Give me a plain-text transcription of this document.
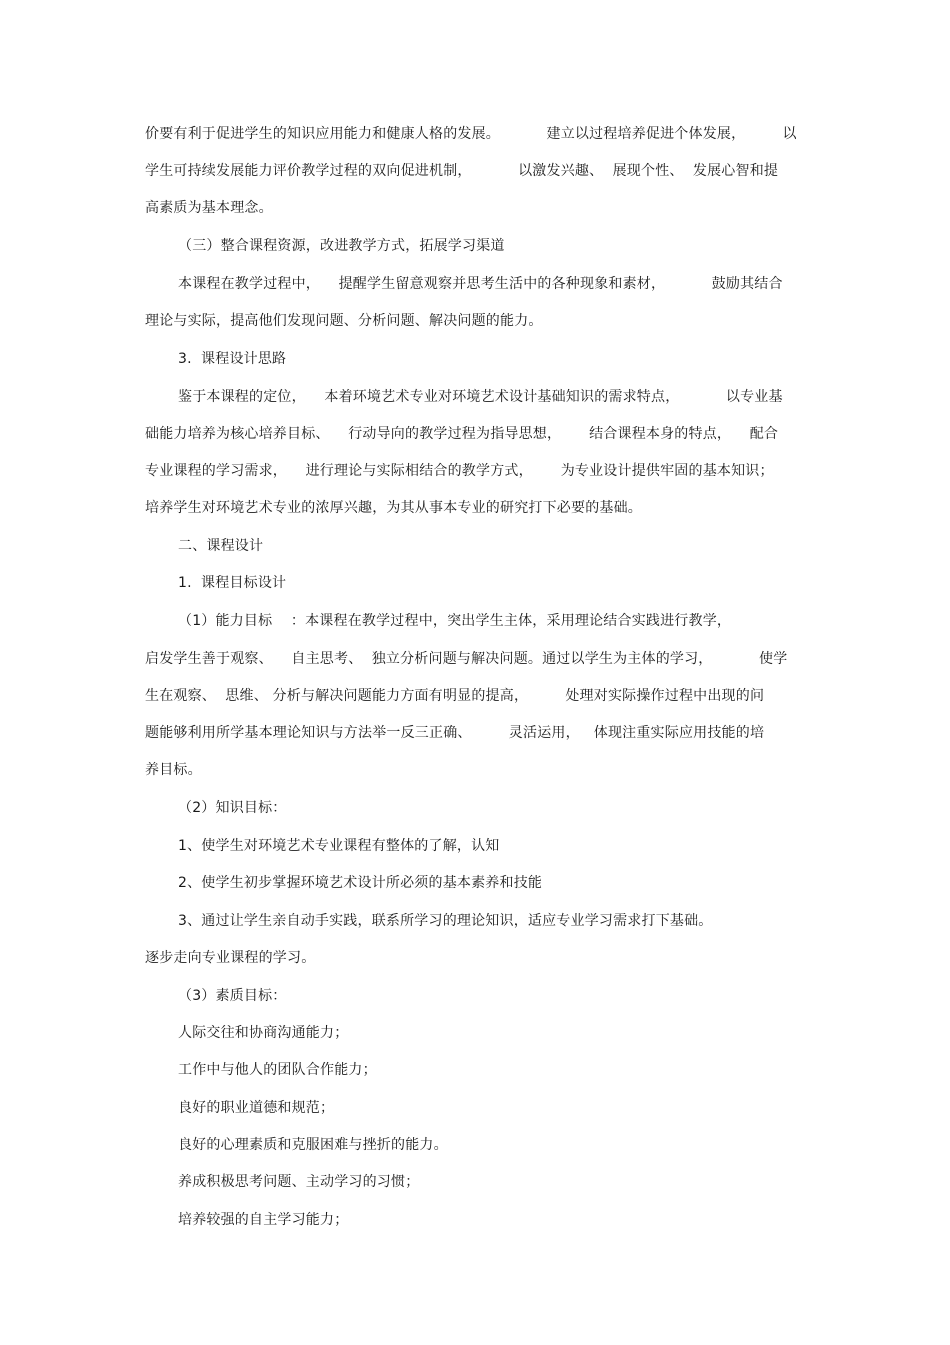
价要有利于促进学生的知识应用能力和健康人格的发展。          建立以过程培养促进个体发展，        以
学生可持续发展能力评价教学过程的双向促进机制，          以激发兴趣、  展现个性、  发展心智和提
高素质为基本理念。
（三）整合课程资源，改进教学方式，拓展学习渠道
本课程在教学过程中，    提醒学生留意观察并思考生活中的各种现象和素材，          鼓励其结合
理论与实际，提高他们发现问题、分析问题、解决问题的能力。
3.  课程设计思路
鉴于本课程的定位，    本着环境艺术专业对环境艺术设计基础知识的需求特点，          以专业基
础能力培养为核心培养目标、    行动导向的教学过程为指导思想，      结合课程本身的特点，    配合
专业课程的学习需求，    进行理论与实际相结合的教学方式，      为专业设计提供牢固的基本知识；
培养学生对环境艺术专业的浓厚兴趣，为其从事本专业的研究打下必要的基础。
二、课程设计
1.  课程目标设计
（1）能力目标    ：本课程在教学过程中，突出学生主体，采用理论结合实践进行教学，
启发学生善于观察、    自主思考、  独立分析问题与解决问题。通过以学生为主体的学习，          使学
生在观察、  思维、 分析与解决问题能力方面有明显的提高，        处理对实际操作过程中出现的问
题能够利用所学基本理论知识与方法举一反三正确、        灵活运用，   体现注重实际应用技能的培
养目标。
（2）知识目标：
1、使学生对环境艺术专业课程有整体的了解，认知
2、使学生初步掌握环境艺术设计所必须的基本素养和技能
3、通过让学生亲自动手实践，联系所学习的理论知识，适应专业学习需求打下基础。
逐步走向专业课程的学习。
（3）素质目标：
人际交往和协商沟通能力；
工作中与他人的团队合作能力；
良好的职业道德和规范；
良好的心理素质和克服困难与挫折的能力。
养成积极思考问题、主动学习的习惯；
培养较强的自主学习能力；
